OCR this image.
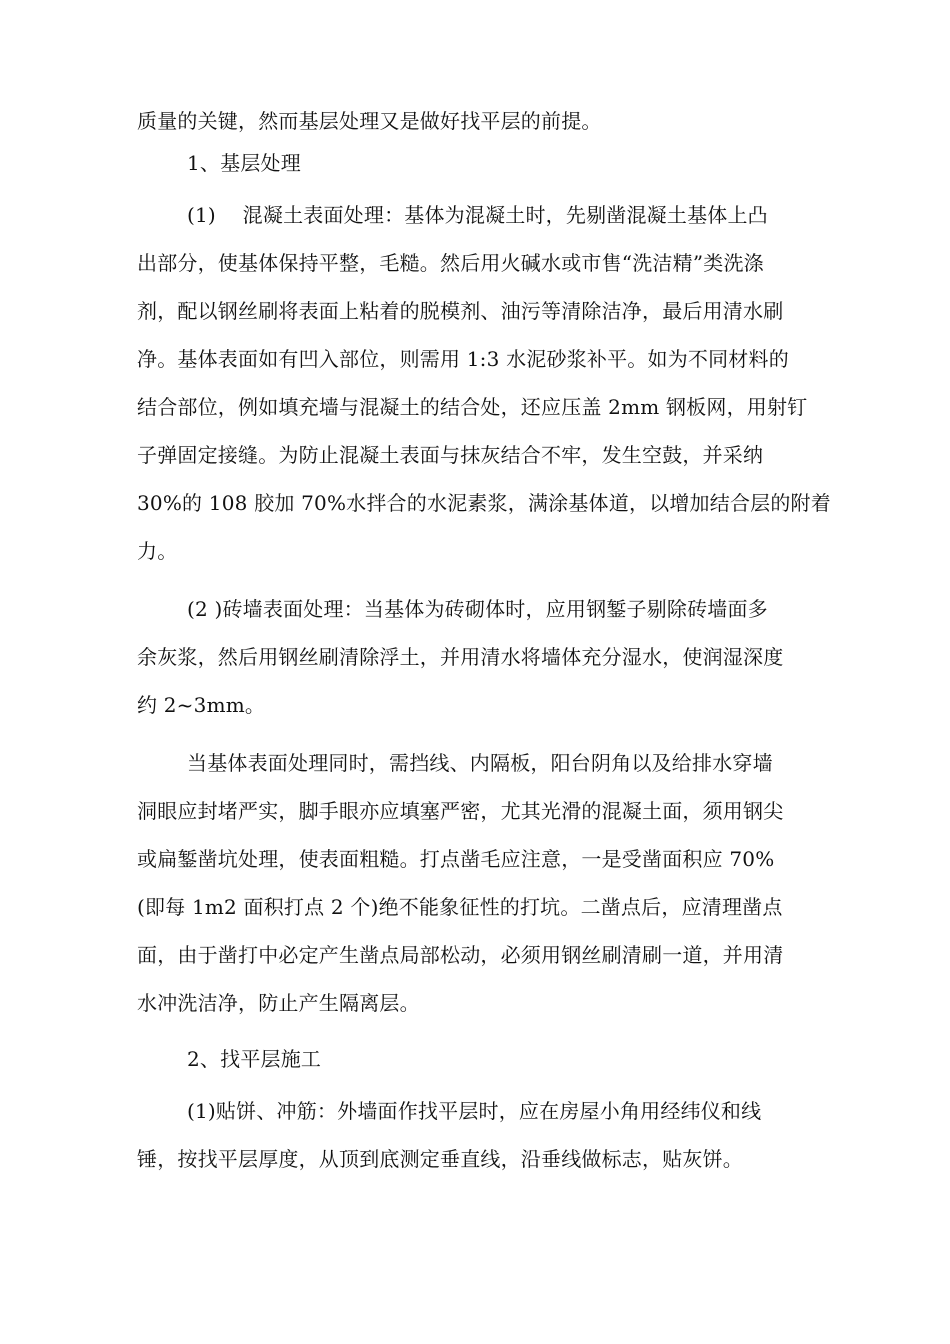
质量的关键，然而基层处理又是做好找平层的前提。
1、基层处理
(1)　 混凝土表面处理：基体为混凝土时，先剔凿混凝土基体上凸
出部分，使基体保持平整，毛糙。然后用火碱水或市售“洗洁精”类洗涤
剂，配以钢丝刷将表面上粘着的脱模剂、油污等清除洁净，最后用清水刷
净。基体表面如有凹入部位，则需用 1:3 水泥砂浆补平。如为不同材料的
结合部位，例如填充墙与混凝土的结合处，还应压盖 2mm 钢板网，用射钉
子弹固定接缝。为防止混凝土表面与抹灰结合不牢，发生空鼓，并采纳
30%的 108 胶加 70%水拌合的水泥素浆，满涂基体道，以增加结合层的附着
力。
(2 )砖墙表面处理：当基体为砖砌体时，应用钢錾子剔除砖墙面多
余灰浆，然后用钢丝刷清除浮土，并用清水将墙体充分湿水，使润湿深度
约 2~3mm。
当基体表面处理同时，需挡线、内隔板，阳台阴角以及给排水穿墙
洞眼应封堵严实，脚手眼亦应填塞严密，尤其光滑的混凝土面，须用钢尖
或扁錾凿坑处理，使表面粗糙。打点凿毛应注意，一是受凿面积应 70%
(即每 1m2 面积打点 2 个)绝不能象征性的打坑。二凿点后，应清理凿点
面，由于凿打中必定产生凿点局部松动，必须用钢丝刷清刷一道，并用清
水冲洗洁净，防止产生隔离层。
2、找平层施工
(1)贴饼、冲筋：外墙面作找平层时，应在房屋小角用经纬仪和线
锤，按找平层厚度，从顶到底测定垂直线，沿垂线做标志，贴灰饼。
